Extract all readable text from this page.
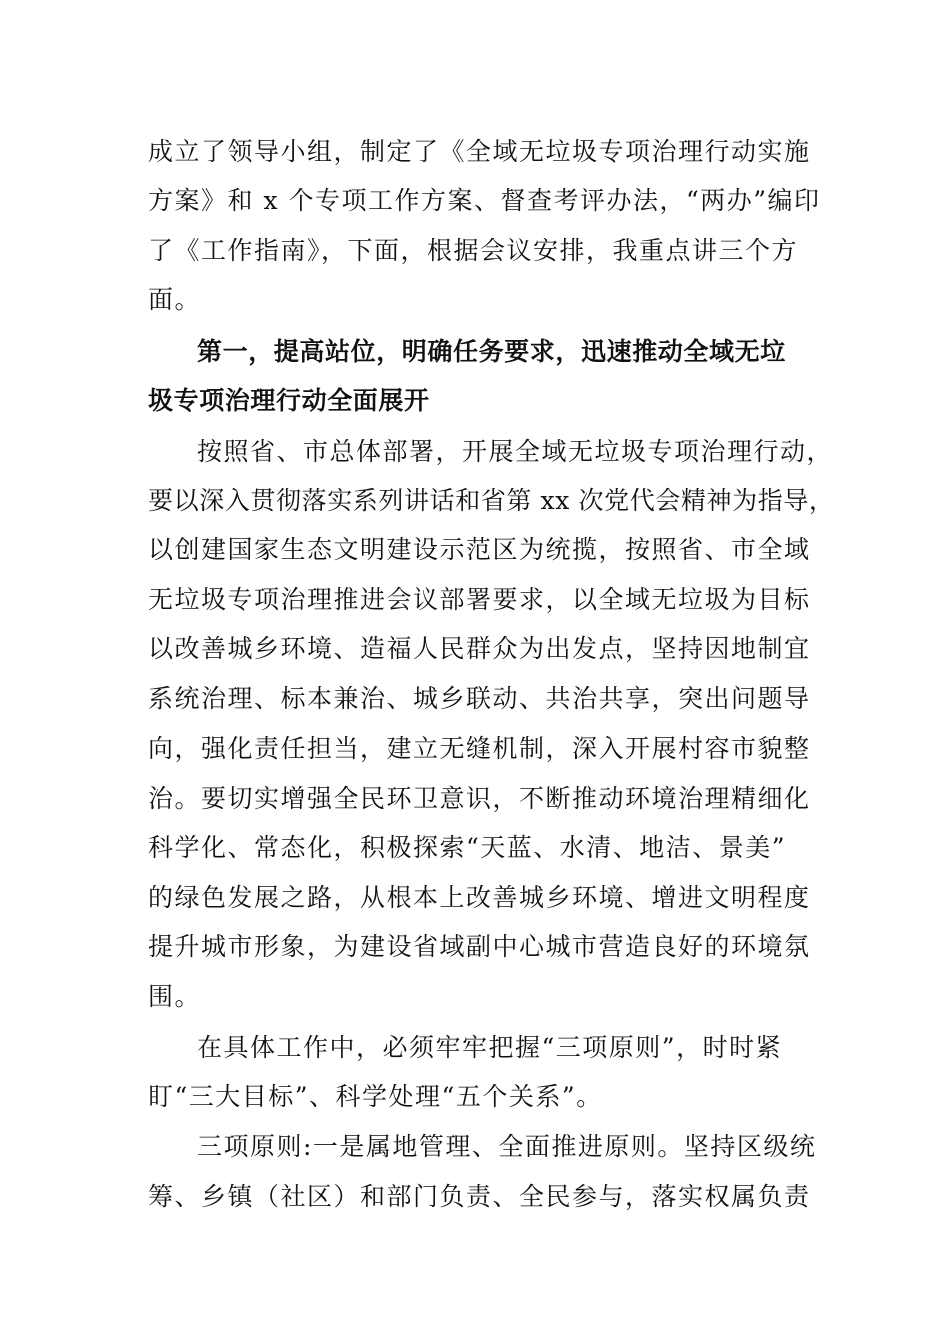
成立了领导小组，制定了《全域无垃圾专项治理行动实施
方案》和 x 个专项工作方案、督查考评办法，“两办”编印
了《工作指南》，下面，根据会议安排，我重点讲三个方
面。
第一，提高站位，明确任务要求，迅速推动全域无垃
圾专项治理行动全面展开
按照省、市总体部署，开展全域无垃圾专项治理行动，
要以深入贯彻落实系列讲话和省第 xx 次党代会精神为指导，
以创建国家生态文明建设示范区为统揽，按照省、市全域
无垃圾专项治理推进会议部署要求，以全域无垃圾为目标
以改善城乡环境、造福人民群众为出发点，坚持因地制宜
系统治理、标本兼治、城乡联动、共治共享，突出问题导
向，强化责任担当，建立无缝机制，深入开展村容市貌整
治。要切实增强全民环卫意识，不断推动环境治理精细化
科学化、常态化，积极探索“天蓝、水清、地洁、景美”
的绿色发展之路，从根本上改善城乡环境、增进文明程度
提升城市形象，为建设省域副中心城市营造良好的环境氛
围。
在具体工作中，必须牢牢把握“三项原则”，时时紧
盯“三大目标”、科学处理“五个关系”。
三项原则:一是属地管理、全面推进原则。坚持区级统
筹、乡镇（社区）和部门负责、全民参与，落实权属负责
